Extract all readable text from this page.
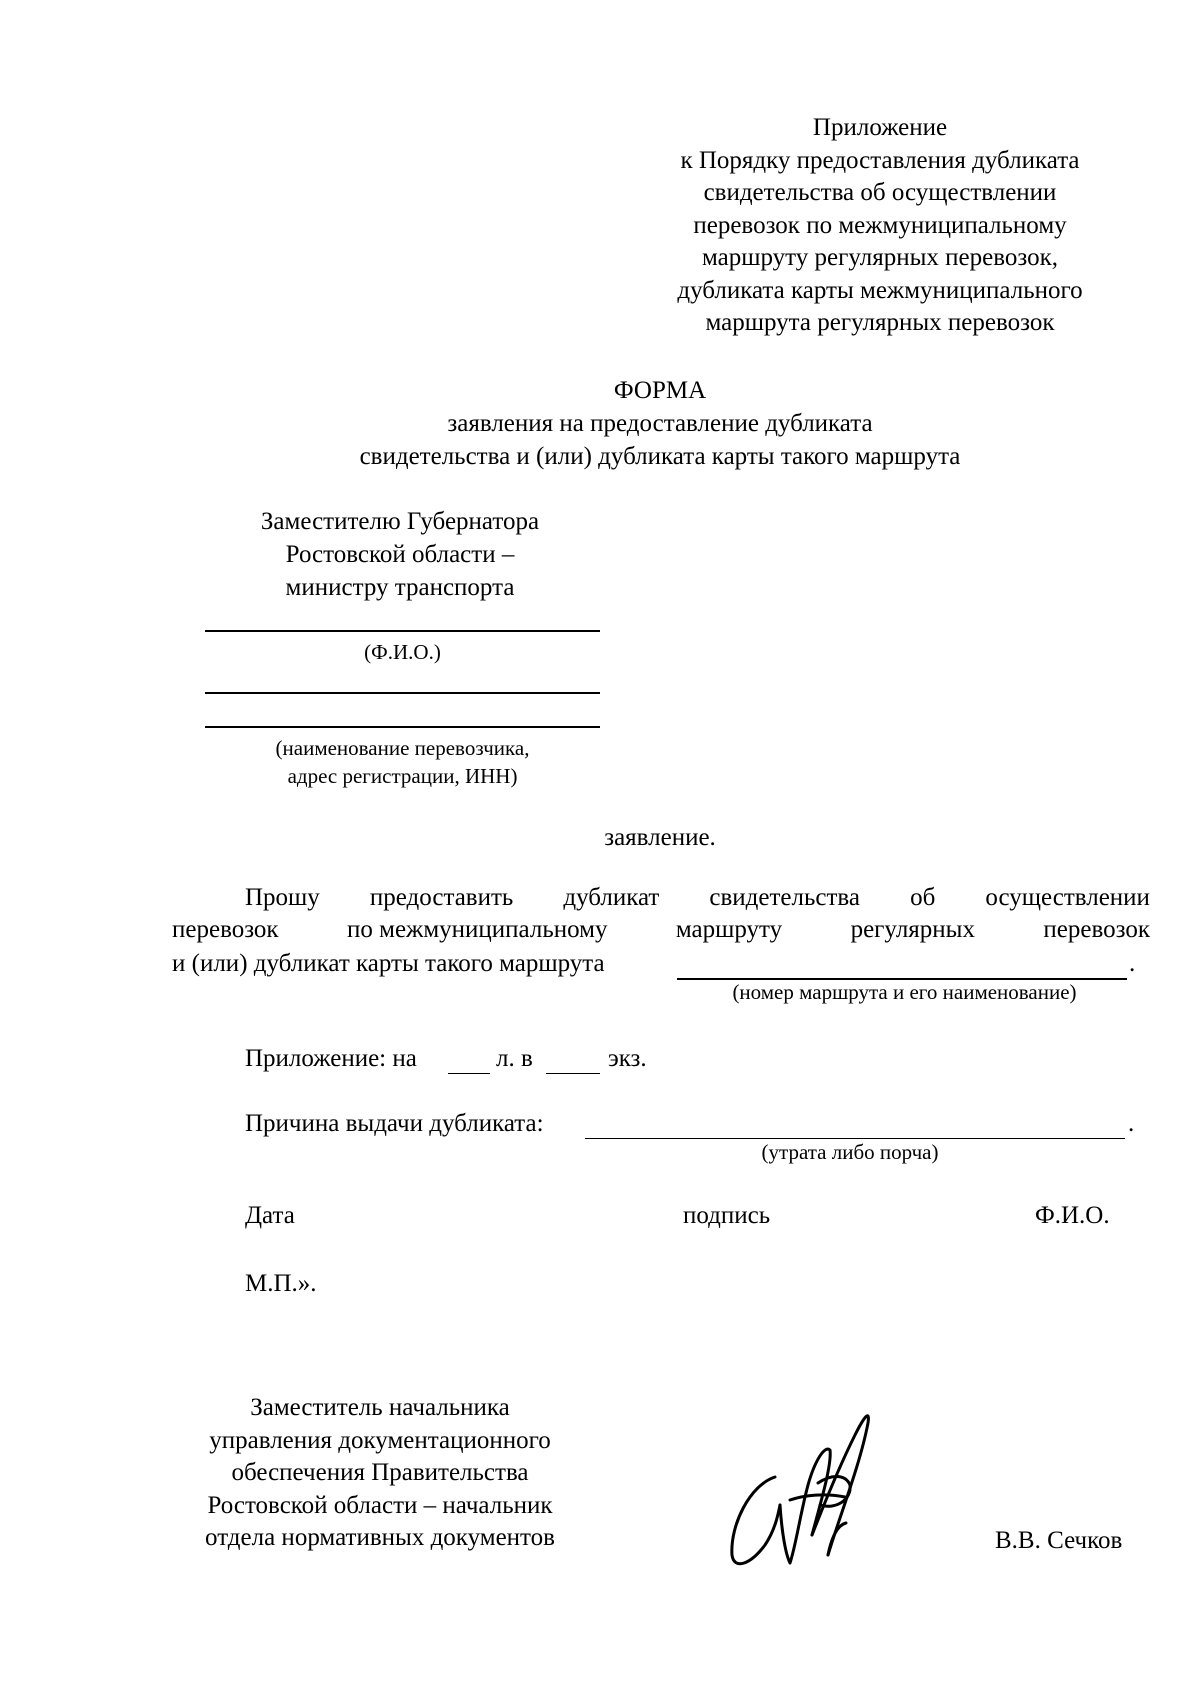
Приложение
к Порядку предоставления дубликата
свидетельства об осуществлении
перевозок по межмуниципальному
маршруту регулярных перевозок,
дубликата карты межмуниципального
маршрута регулярных перевозок
ФОРМА
заявления на предоставление дубликата
свидетельства и (или) дубликата карты такого маршрута
Заместителю Губернатора
Ростовской области –
министру транспорта
(Ф.И.О.)
(наименование перевозчика,
адрес регистрации, ИНН)
заявление.
Прошу предоставить дубликат свидетельства об осуществлении
перевозок	по межмуниципальному	маршруту	регулярных	перевозок
и (или) дубликат карты такого маршрута	.
(номер маршрута и его наименование)
Приложение: на	л. в	экз.
Причина выдачи дубликата:	.
(утрата либо порча)
Дата	подпись	Ф.И.О.
М.П.».
Заместитель начальника
управления документационного
обеспечения Правительства
Ростовской области – начальник
отдела нормативных документов	В.В. Сечков
